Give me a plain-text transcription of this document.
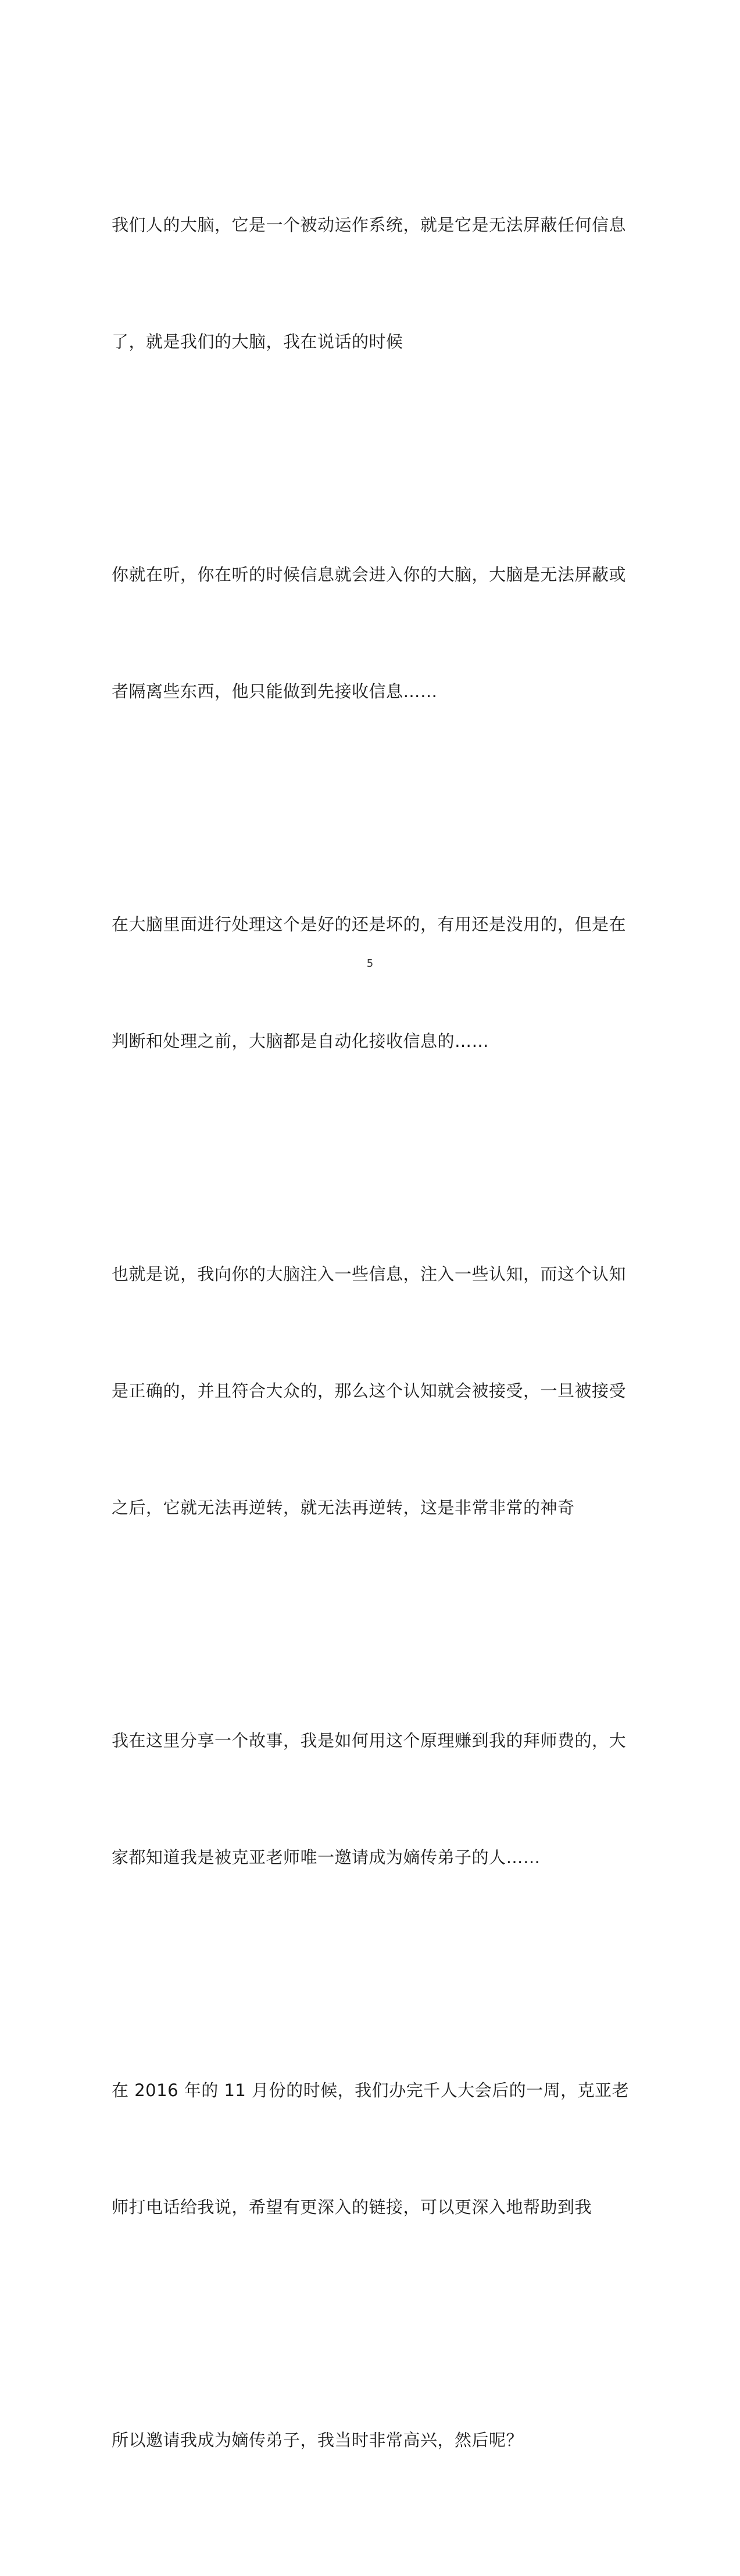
我们人的大脑，它是一个被动运作系统，就是它是无法屏蔽任何信息

了，就是我们的大脑，我在说话的时候

你就在听，你在听的时候信息就会进入你的大脑，大脑是无法屏蔽或

者隔离些东西，他只能做到先接收信息……

在大脑里面进行处理这个是好的还是坏的，有用还是没用的，但是在

判断和处理之前，大脑都是自动化接收信息的……

也就是说，我向你的大脑注入一些信息，注入一些认知，而这个认知

是正确的，并且符合大众的，那么这个认知就会被接受，一旦被接受

之后，它就无法再逆转，就无法再逆转，这是非常非常的神奇

我在这里分享一个故事，我是如何用这个原理赚到我的拜师费的，大

家都知道我是被克亚老师唯一邀请成为嫡传弟子的人……

在 2016 年的 11 月份的时候，我们办完千人大会后的一周，克亚老

师打电话给我说，希望有更深入的链接，可以更深入地帮助到我

所以邀请我成为嫡传弟子，我当时非常高兴，然后呢？

5
